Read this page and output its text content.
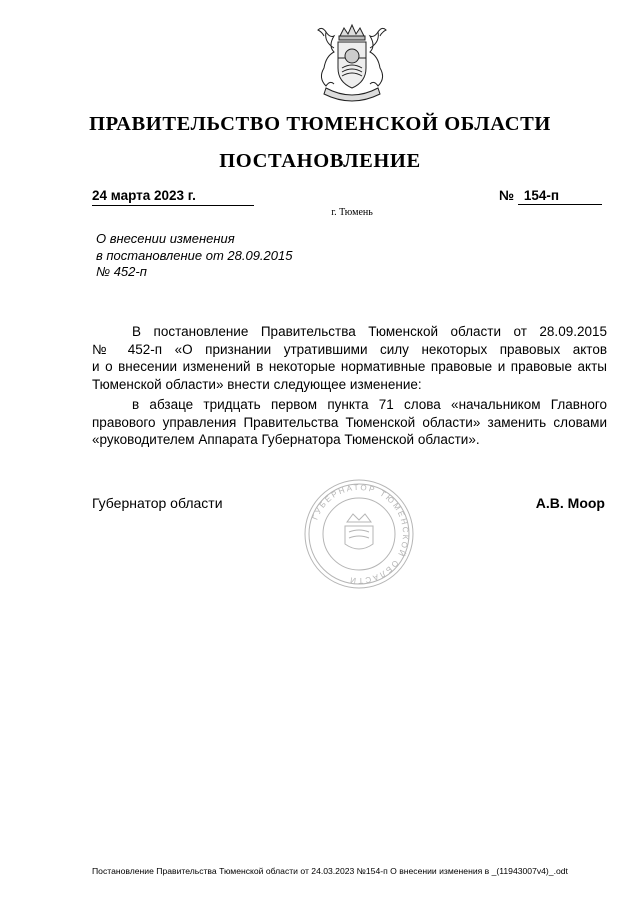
ПРАВИТЕЛЬСТВО ТЮМЕНСКОЙ ОБЛАСТИ
ПОСТАНОВЛЕНИЕ
24 марта 2023 г.	№ 154-п
г. Тюмень
О внесении изменения
в постановление от 28.09.2015
№ 452-п
В постановление Правительства Тюменской области от 28.09.2015
№ 452-п «О признании утратившими силу некоторых правовых актов
и о внесении изменений в некоторые нормативные правовые и правовые акты
Тюменской области» внести следующее изменение:
в абзаце тридцать первом пункта 71 слова «начальником Главного
правового управления Правительства Тюменской области» заменить словами
«руководителем Аппарата Губернатора Тюменской области».
Губернатор области
ГУБЕРНАТОР ТЮМЕНСКОЙ ОБЛАСТИ
А.В. Моор
Постановление Правительства Тюменской области от 24.03.2023 №154-п О внесении изменения в _(11943007v4)_.odt
